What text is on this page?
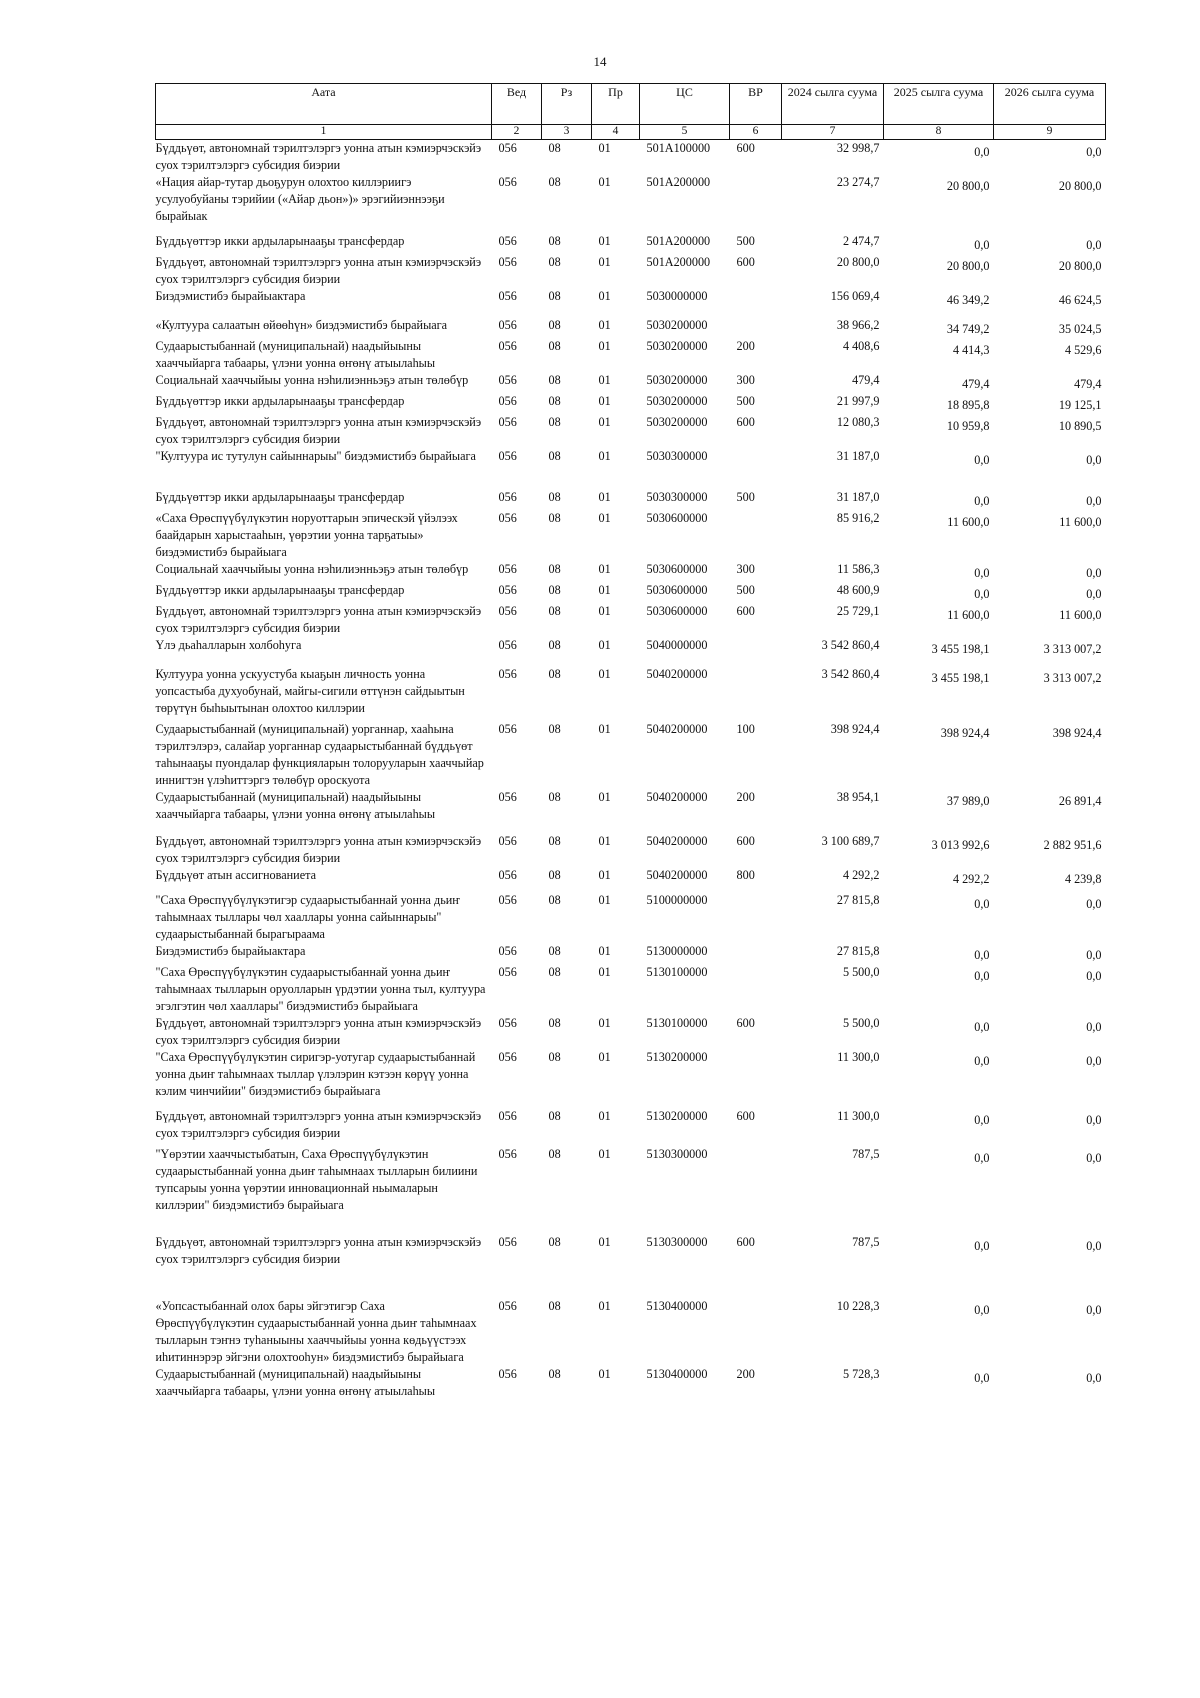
14
Аата	Вед	Рз	Пр	ЦС	ВР	2024 сылга суума	2025 сылга суума	2026 сылга суума
1	2	3	4	5	6	7	8	9
Бүддьүөт, автономнай тэрилтэлэргэ уонна атын кэмиэрчэскэйэ суох тэрилтэлэргэ субсидия биэрии	056	08	01	501А100000	600	32 998,7	0,0	0,0

«Нация айар-тутар дьоҕурун олохтоо киллэриигэ усулуобуйаны тэрийии («Айар дьон»)» эрэгийиэннээҕи бырайыак	056	08	01	501А200000		23 274,7	20 800,0	20 800,0

Бүддьүөттэр икки ардыларынааҕы трансфердар	056	08	01	501А200000	500	2 474,7	0,0	0,0

Бүддьүөт, автономнай тэрилтэлэргэ уонна атын кэмиэрчэскэйэ суох тэрилтэлэргэ субсидия биэрии	056	08	01	501А200000	600	20 800,0	20 800,0	20 800,0

Биэдэмистибэ бырайыактара	056	08	01	5030000000		156 069,4	46 349,2	46 624,5

«Култуура салаатын өйөөһүн» биэдэмистибэ бырайыага	056	08	01	5030200000		38 966,2	34 749,2	35 024,5

Судаарыстыбаннай (муниципальнай) наадыйыыны хааччыйарга табаары, үлэни уонна өҥөнү атыылаһыы	056	08	01	5030200000	200	4 408,6	4 414,3	4 529,6

Социальнай хааччыйыы уонна нэһилиэнньэҕэ атын төлөбүр	056	08	01	5030200000	300	479,4	479,4	479,4

Бүддьүөттэр икки ардыларынааҕы трансфердар	056	08	01	5030200000	500	21 997,9	18 895,8	19 125,1

Бүддьүөт, автономнай тэрилтэлэргэ уонна атын кэмиэрчэскэйэ суох тэрилтэлэргэ субсидия биэрии	056	08	01	5030200000	600	12 080,3	10 959,8	10 890,5

"Култуура ис тутулун сайыннарыы" биэдэмистибэ бырайыага	056	08	01	5030300000		31 187,0	0,0	0,0

Бүддьүөттэр икки ардыларынааҕы трансфердар	056	08	01	5030300000	500	31 187,0	0,0	0,0

«Саха Өрөспүүбүлүкэтин норуоттарын эпическэй үйэлээх баайдарын харыстааһын, үөрэтии уонна тарҕатыы» биэдэмистибэ бырайыага	056	08	01	5030600000		85 916,2	11 600,0	11 600,0

Социальнай хааччыйыы уонна нэһилиэнньэҕэ атын төлөбүр	056	08	01	5030600000	300	11 586,3	0,0	0,0

Бүддьүөттэр икки ардыларынааҕы трансфердар	056	08	01	5030600000	500	48 600,9	0,0	0,0

Бүддьүөт, автономнай тэрилтэлэргэ уонна атын кэмиэрчэскэйэ суох тэрилтэлэргэ субсидия биэрии	056	08	01	5030600000	600	25 729,1	11 600,0	11 600,0

Үлэ дьаһалларын холбоһуга	056	08	01	5040000000		3 542 860,4	3 455 198,1	3 313 007,2

Култуура уонна ускуустуба кыаҕын личность уонна уопсастыба духуобунай, майгы-сигили өттүнэн сайдыытын төрүтүн быһыытынан олохтоо киллэрии	056	08	01	5040200000		3 542 860,4	3 455 198,1	3 313 007,2

Судаарыстыбаннай (муниципальнай) уорганнар, хааһына тэрилтэлэрэ, салайар уорганнар судаарыстыбаннай бүддьүөт таһынааҕы пуондалар функцияларын толорууларын хааччыйар иннигтэн үлэһиттэргэ төлөбүр ороскуота	056	08	01	5040200000	100	398 924,4	398 924,4	398 924,4

Судаарыстыбаннай (муниципальнай) наадыйыыны хааччыйарга табаары, үлэни уонна өҥөнү атыылаһыы	056	08	01	5040200000	200	38 954,1	37 989,0	26 891,4

Бүддьүөт, автономнай тэрилтэлэргэ уонна атын кэмиэрчэскэйэ суох тэрилтэлэргэ субсидия биэрии	056	08	01	5040200000	600	3 100 689,7	3 013 992,6	2 882 951,6

Бүддьүөт атын ассигнованиета	056	08	01	5040200000	800	4 292,2	4 292,2	4 239,8

"Саха Өрөспүүбүлүкэтигэр судаарыстыбаннай уонна дьиҥ таһымнаах тыллары чөл хааллары уонна сайыннарыы" судаарыстыбаннай бырагыраама	056	08	01	5100000000		27 815,8	0,0	0,0

Биэдэмистибэ бырайыактара	056	08	01	5130000000		27 815,8	0,0	0,0

"Саха Өрөспүүбүлүкэтин судаарыстыбаннай уонна дьиҥ таһымнаах тылларын оруолларын үрдэтии уонна тыл, култуура эгэлгэтин чөл хааллары" биэдэмистибэ бырайыага	056	08	01	5130100000		5 500,0	0,0	0,0

Бүддьүөт, автономнай тэрилтэлэргэ уонна атын кэмиэрчэскэйэ суох тэрилтэлэргэ субсидия биэрии	056	08	01	5130100000	600	5 500,0	0,0	0,0

"Саха Өрөспүүбүлүкэтин сиригэр-уотугар судаарыстыбаннай уонна дьиҥ таһымнаах тыллар үлэлэрин кэтээн көрүү уонна кэлим чинчийии" биэдэмистибэ бырайыага	056	08	01	5130200000		11 300,0	0,0	0,0

Бүддьүөт, автономнай тэрилтэлэргэ уонна атын кэмиэрчэскэйэ суох тэрилтэлэргэ субсидия биэрии	056	08	01	5130200000	600	11 300,0	0,0	0,0

"Үөрэтии хааччыстыбатын, Саха Өрөспүүбүлүкэтин судаарыстыбаннай уонна дьиҥ таһымнаах тылларын билиини тупсарыы уонна үөрэтии инновационнай ньымаларын киллэрии" биэдэмистибэ бырайыага	056	08	01	5130300000		787,5	0,0	0,0

Бүддьүөт, автономнай тэрилтэлэргэ уонна атын кэмиэрчэскэйэ суох тэрилтэлэргэ субсидия биэрии	056	08	01	5130300000	600	787,5	0,0	0,0

«Уопсастыбаннай олох бары эйгэтигэр Саха Өрөспүүбүлүкэтин судаарыстыбаннай уонна дьиҥ таһымнаах тылларын тэҥнэ туһаныыны хааччыйыы уонна көдьүүстээх иһитиннэрэр эйгэни олохтооһун» биэдэмистибэ бырайыага	056	08	01	5130400000		10 228,3	0,0	0,0

Судаарыстыбаннай (муниципальнай) наадыйыыны хааччыйарга табаары, үлэни уонна өҥөнү атыылаһыы	056	08	01	5130400000	200	5 728,3	0,0	0,0
